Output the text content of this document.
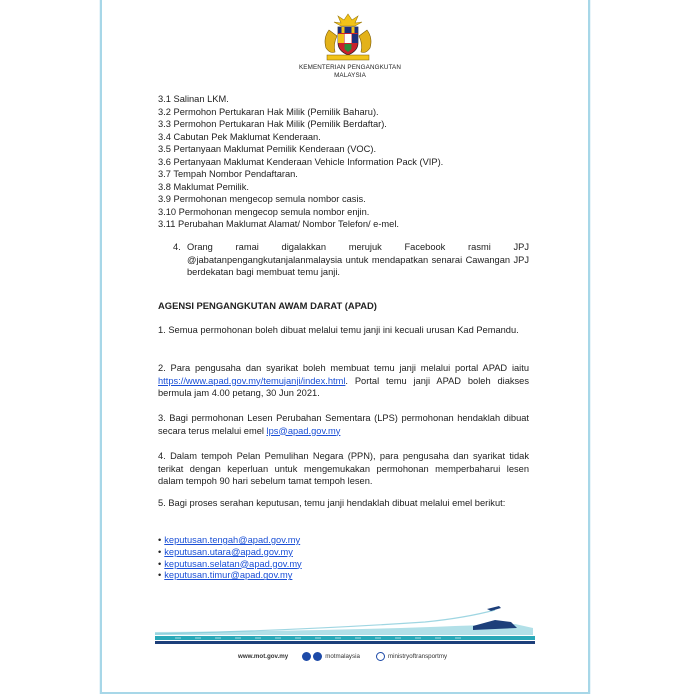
KEMENTERIAN PENGANGKUTAN
MALAYSIA
3.1 Salinan LKM.
3.2 Permohon Pertukaran Hak Milik (Pemilik Baharu).
3.3 Permohon Pertukaran Hak Milik (Pemilik Berdaftar).
3.4 Cabutan Pek Maklumat Kenderaan.
3.5 Pertanyaan Maklumat Pemilik Kenderaan (VOC).
3.6 Pertanyaan Maklumat Kenderaan Vehicle Information Pack (VIP).
3.7 Tempah Nombor Pendaftaran.
3.8 Maklumat Pemilik.
3.9 Permohonan mengecop semula nombor casis.
3.10 Permohonan mengecop semula nombor enjin.
3.11 Perubahan Maklumat Alamat/ Nombor Telefon/ e-mel.
4. Orang ramai digalakkan merujuk Facebook rasmi JPJ @jabatanpengangkutanjalanmalaysia untuk mendapatkan senarai Cawangan JPJ berdekatan bagi membuat temu janji.
AGENSI PENGANGKUTAN AWAM DARAT (APAD)
1. Semua permohonan boleh dibuat melalui temu janji ini kecuali urusan Kad Pemandu.
2. Para pengusaha dan syarikat boleh membuat temu janji melalui portal APAD iaitu https://www.apad.gov.my/temujanji/index.html. Portal temu janji APAD boleh diakses bermula jam 4.00 petang, 30 Jun 2021.
3. Bagi permohonan Lesen Perubahan Sementara (LPS) permohonan hendaklah dibuat secara terus melalui emel lps@apad.gov.my
4. Dalam tempoh Pelan Pemulihan Negara (PPN), para pengusaha dan syarikat tidak terikat dengan keperluan untuk mengemukakan permohonan memperbaharui lesen dalam tempoh 90 hari sebelum tamat tempoh lesen.
5. Bagi proses serahan keputusan, temu janji hendaklah dibuat melalui emel berikut:
• keputusan.tengah@apad.gov.my
• keputusan.utara@apad.gov.my
• keputusan.selatan@apad.gov.my
• keputusan.timur@apad.gov.my
www.mot.gov.my	motmalaysia	ministryoftransportmy
